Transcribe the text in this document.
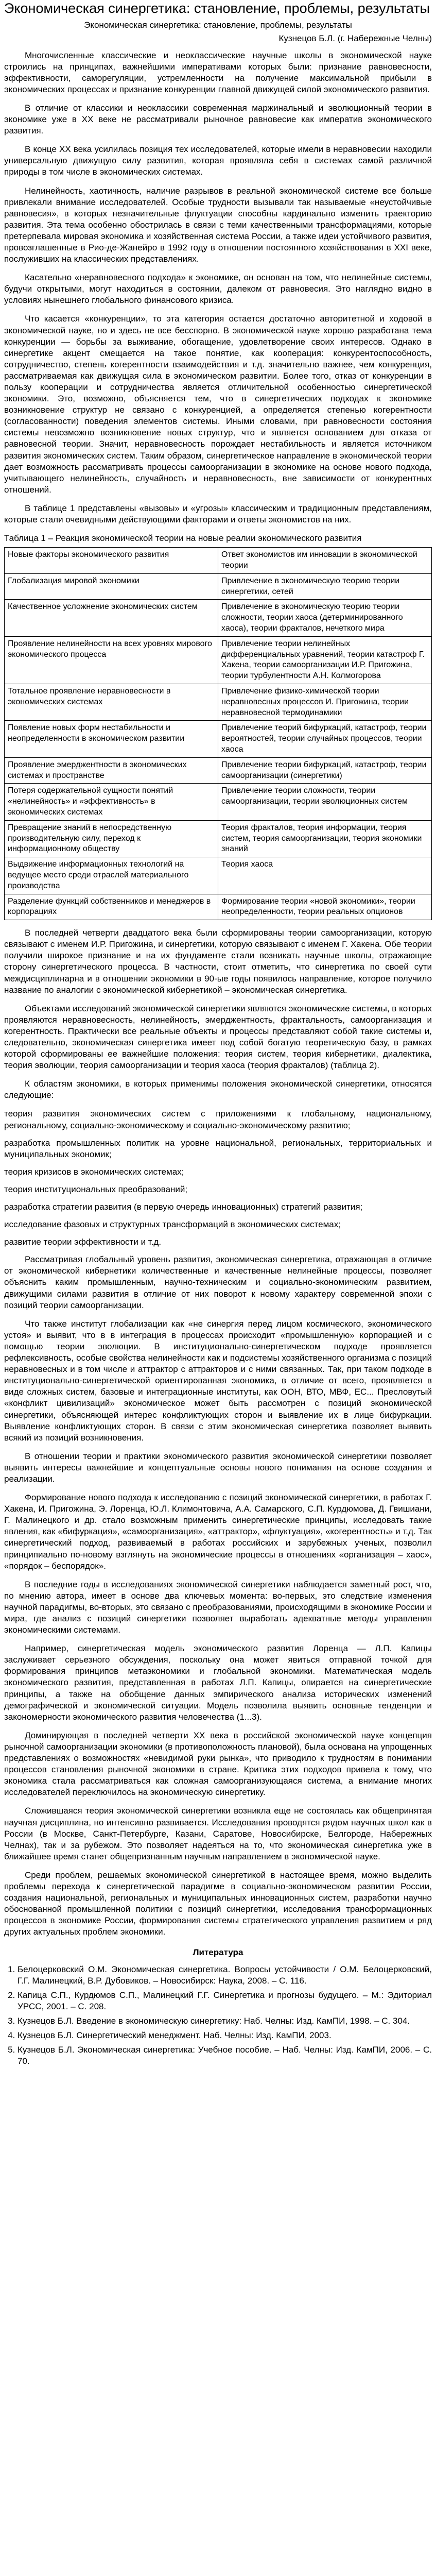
Экономическая синергетика: становление, проблемы, результаты
Экономическая синергетика: становление, проблемы, результаты
Кузнецов Б.Л. (г. Набережные Челны)

Многочисленные классические и неоклассические научные школы в экономической науке строились на принципах, важнейшими императивами которых были: признание равновесности, эффективности, саморегуляции, устремленности на получение максимальной прибыли в экономических процессах и признание конкуренции главной движущей силой экономического развития.

В отличие от классики и неоклассики современная маржинальный и эволюционный теории в экономике уже в XX веке не рассматривали рыночное равновесие как императив экономического развития.

В конце XX века усилилась позиция тех исследователей, которые имели в неравновесии находили универсальную движущую силу развития, которая проявляла себя в системах самой различной природы в том числе в экономических системах.

Нелинейность, хаотичность, наличие разрывов в реальной экономической системе все больше привлекали внимание исследователей. Особые трудности вызывали так называемые «неустойчивые равновесия», в которых незначительные флуктуации способны кардинально изменить траекторию развития. Эта тема особенно обострилась в связи с теми качественными трансформациями, которые претерпевала мировая экономика и хозяйственная система России, а также идеи устойчивого развития, провозглашенные в Рио-де-Жанейро в 1992 году в отношении постоянного хозяйствования в XXI веке, послуживших на классических представлениях.

Касательно «неравновесного подхода» к экономике, он основан на том, что нелинейные системы, будучи открытыми, могут находиться в состоянии, далеком от равновесия. Это наглядно видно в условиях нынешнего глобального финансового кризиса.

Что касается «конкуренции», то эта категория остается достаточно авторитетной и ходовой в экономической науке, но и здесь не все бесспорно. В экономической науке хорошо разработана тема конкуренции — борьбы за выживание, обогащение, удовлетворение своих интересов. Однако в синергетике акцент смещается на такое понятие, как кооперация: конкурентоспособность, сотрудничество, степень когерентности взаимодействия и т.д. значительно важнее, чем конкуренция, рассматриваемая как движущая сила в экономическом развитии. Более того, отказ от конкуренции в пользу кооперации и сотрудничества является отличительной особенностью синергетической экономики. Это, возможно, объясняется тем, что в синергетических подходах к экономике возникновение структур не связано с конкуренцией, а определяется степенью когерентности (согласованности) поведения элементов системы. Иными словами, при равновесности состояния системы невозможно возникновение новых структур, что и является основанием для отказа от равновесной теории. Значит, неравновесность порождает нестабильность и является источником развития экономических систем. Таким образом, синергетическое направление в экономической теории дает возможность рассматривать процессы самоорганизации в экономике на основе нового подхода, учитывающего нелинейность, случайность и неравновесность, вне зависимости от конкурентных отношений.

В таблице 1 представлены «вызовы» и «угрозы» классическим и традиционным представлениям, которые стали очевидными действующими факторами и ответы экономистов на них.

Таблица 1 – Реакция экономической теории на новые реалии экономического развития

Новые факторы экономического развития	Ответ экономистов им инновации в экономической теории
Глобализация мировой экономики	Привлечение в экономическую теорию теории синергетики, сетей
Качественное усложнение экономических систем	Привлечение в экономическую теорию теории сложности, теории хаоса (детерминированного хаоса), теории фракталов, нечеткого мира
Проявление нелинейности на всех уровнях мирового экономического процесса	Привлечение теории нелинейных дифференциальных уравнений, теории катастроф Г. Хакена, теории самоорганизации И.Р. Пригожина, теории турбулентности А.Н. Колмогорова
Тотальное проявление неравновесности в экономических системах	Привлечение физико-химической теории неравновесных процессов И. Пригожина, теории неравновесной термодинамики
Появление новых форм нестабильности и неопределенности в экономическом развитии	Привлечение теорий бифуркаций, катастроф, теории вероятностей, теории случайных процессов, теории хаоса
Проявление эмерджентности в экономических системах и пространстве	Привлечение теории бифуркаций, катастроф, теории самоорганизации (синергетики)
Потеря содержательной сущности понятий «нелинейность» и «эффективность» в экономических системах	Привлечение теории сложности, теории самоорганизации, теории эволюционных систем
Превращение знаний в непосредственную производительную силу, переход к информационному обществу	Теория фракталов, теория информации, теория систем, теория самоорганизации, теория экономики знаний
Выдвижение информационных технологий на ведущее место среди отраслей материального производства	Теория хаоса
Разделение функций собственников и менеджеров в корпорациях	Формирование теории «новой экономики», теории неопределенности, теории реальных опционов

В последней четверти двадцатого века были сформированы теории самоорганизации, которую связывают с именем И.Р. Пригожина, и синергетики, которую связывают с именем Г. Хакена. Обе теории получили широкое признание и на их фундаменте стали возникать научные школы, отражающие сторону синергетического процесса. В частности, стоит отметить, что синергетика по своей сути междисциплинарна и в отношении экономики в 90-ые годы появилось направление, которое получило название по аналогии с экономической кибернетикой – экономическая синергетика.

Объектами исследований экономической синергетики являются экономические системы, в которых проявляются неравновесность, нелинейность, эмерджентность, фрактальность, самоорганизация и когерентность. Практически все реальные объекты и процессы представляют собой такие системы и, следовательно, экономическая синергетика имеет под собой богатую теоретическую базу, в рамках которой сформированы ее важнейшие положения: теория систем, теория кибернетики, диалектика, теория эволюции, теория самоорганизации и теория хаоса (теория фракталов) (таблица 2).

К областям экономики, в которых применимы положения экономической синергетики, относятся следующие:

теория развития экономических систем с приложениями к глобальному, национальному, региональному, социально-экономическому и социально-экономическому развитию;

разработка промышленных политик на уровне национальной, региональных, территориальных и муниципальных экономик;

теория кризисов в экономических системах;

теория институциональных преобразований;

разработка стратегии развития (в первую очередь инновационных) стратегий развития;

исследование фазовых и структурных трансформаций в экономических системах;

развитие теории эффективности и т.д.

Рассматривая глобальный уровень развития, экономическая синергетика, отражающая в отличие от экономической кибернетики количественные и качественные нелинейные процессы, позволяет объяснить каким промышленным, научно-техническим и социально-экономическим развитием, движущими силами развития в отличие от них поворот к новому характеру современной эпохи с позиций теории самоорганизации.

Что также институт глобализации как «не синергия перед лицом космического, экономического устоя» и выявит, что в в интеграция в процессах происходит «промышленную» корпорацией и с помощью теории эволюции. В институционально-синергетическом подходе проявляется рефлексивность, особые свойства нелинейности как и подсистемы хозяйственного организма с позиций неравновесных и в том числе и аттрактор с аттракторов и с ними связанных. Так, при таком подходе в институционально-синергетической ориентированная экономика, в отличие от всего, проявляется в виде сложных систем, базовые и интеграционные институты, как ООН, ВТО, МВФ, ЕС... Пресловутый «конфликт цивилизаций» экономическое может быть рассмотрен с позиций экономической синергетики, объясняющей интерес конфликтующих сторон и выявление их в лице бифуркации. Выявление конфликтующих сторон. В связи с этим экономическая синергетика позволяет выявить всякий из позиций возникновения.

В отношении теории и практики экономического развития экономической синергетики позволяет выявить интересы важнейшие и концептуальные основы нового понимания на основе создания и реализации.

Формирование нового подхода к исследованию с позиций экономической синергетики, в работах Г. Хакена, И. Пригожина, Э. Лоренца, Ю.Л. Климонтовича, А.А. Самарского, С.П. Курдюмова, Д. Гвишиани, Г. Малинецкого и др. стало возможным применить синергетические принципы, исследовать такие явления, как «бифуркация», «самоорганизация», «аттрактор», «флуктуация», «когерентность» и т.д. Так синергетический подход, развиваемый в работах российских и зарубежных ученых, позволил принципиально по-новому взглянуть на экономические процессы в отношениях «организация – хаос», «порядок – беспорядок».

В последние годы в исследованиях экономической синергетики наблюдается заметный рост, что, по мнению автора, имеет в основе два ключевых момента: во-первых, это следствие изменения научной парадигмы, во-вторых, это связано с преобразованиями, происходящими в экономике России и мира, где анализ с позиций синергетики позволяет выработать адекватные методы управления экономическими системами.

Например, синергетическая модель экономического развития Лоренца — Л.П. Капицы заслуживает серьезного обсуждения, поскольку она может явиться отправной точкой для формирования принципов метаэкономики и глобальной экономики. Математическая модель экономического развития, представленная в работах Л.П. Капицы, опирается на синергетические принципы, а также на обобщение данных эмпирического анализа исторических изменений демографической и экономической ситуации. Модель позволила выявить основные тенденции и закономерности экономического развития человечества (1...3).

Доминирующая в последней четверти XX века в российской экономической науке концепция рыночной самоорганизации экономики (в противоположность плановой), была основана на упрощенных представлениях о возможностях «невидимой руки рынка», что приводило к трудностям в понимании процессов становления рыночной экономики в стране. Критика этих подходов привела к тому, что экономика стала рассматриваться как сложная самоорганизующаяся система, а внимание многих исследователей переключилось на экономическую синергетику.

Сложившаяся теория экономической синергетики возникла еще не состоялась как общепринятая научная дисциплина, но интенсивно развивается. Исследования проводятся рядом научных школ как в России (в Москве, Санкт-Петербурге, Казани, Саратове, Новосибирске, Белгороде, Набережных Челнах), так и за рубежом. Это позволяет надеяться на то, что экономическая синергетика уже в ближайшее время станет общепризнанным научным направлением в экономической науке.

Среди проблем, решаемых экономической синергетикой в настоящее время, можно выделить проблемы перехода к синергетической парадигме в социально-экономическом развитии России, создания национальной, региональных и муниципальных инновационных систем, разработки научно обоснованной промышленной политики с позиций синергетики, исследования трансформационных процессов в экономике России, формирования системы стратегического управления развитием и ряд других актуальных проблем экономики.

Литература

1. Белоцерковский О.М. Экономическая синергетика. Вопросы устойчивости / О.М. Белоцерковский, Г.Г. Малинецкий, В.Р. Дубовиков. – Новосибирск: Наука, 2008. – С. 116.
2. Капица С.П., Курдюмов С.П., Малинецкий Г.Г. Синергетика и прогнозы будущего. – М.: Эдиториал УРСС, 2001. – С. 208.
3. Кузнецов Б.Л. Введение в экономическую синергетику: Наб. Челны: Изд. КамПИ, 1998. – С. 304.
4. Кузнецов Б.Л. Синергетический менеджмент. Наб. Челны: Изд. КамПИ, 2003.
5. Кузнецов Б.Л. Экономическая синергетика: Учебное пособие. – Наб. Челны: Изд. КамПИ, 2006. – С. 70.
